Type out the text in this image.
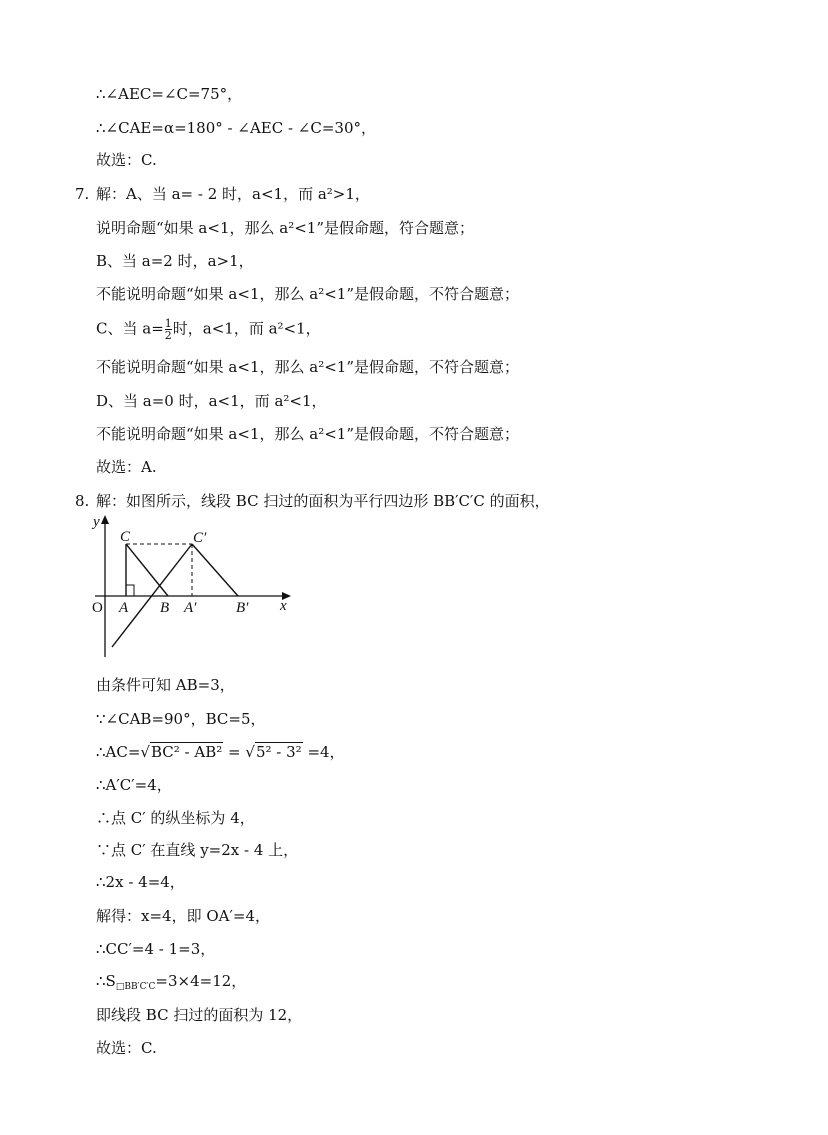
∴∠AEC=∠C=75°，
∴∠CAE=α=180° - ∠AEC - ∠C=30°，
故选：C.
7. 解：A、当 a= - 2 时，a<1，而 a²>1，
说明命题“如果 a<1，那么 a²<1”是假命题，符合题意；
B、当 a=2 时，a>1，
不能说明命题“如果 a<1，那么 a²<1”是假命题，不符合题意；
C、当 $a= \frac{1}{2}$ 时，a<1，而 a²<1，
不能说明命题“如果 a<1，那么 a²<1”是假命题，不符合题意；
D、当 a=0 时，a<1，而 a²<1，
不能说明命题“如果 a<1，那么 a²<1”是假命题，不符合题意；
故选：A.
8. 解：如图所示，线段 BC 扫过的面积为平行四边形 BB′C′C 的面积，
y
x
O A B
C
A′	B′
C′
由条件可知 AB=3，
∵∠CAB=90°，BC=5，
∴AC=√BC² - AB² = √5² - 3² =4，
∴A′C′=4，
∴点 C′ 的纵坐标为 4，
∵点 C′ 在直线 y=2x - 4 上，
∴2x - 4=4，
解得：x=4，即 OA′=4，
∴CC′=4 - 1=3，
$\therefore S_{□BB'C'C}=3\times 4=12$，
即线段 BC 扫过的面积为 12，
故选：C.
